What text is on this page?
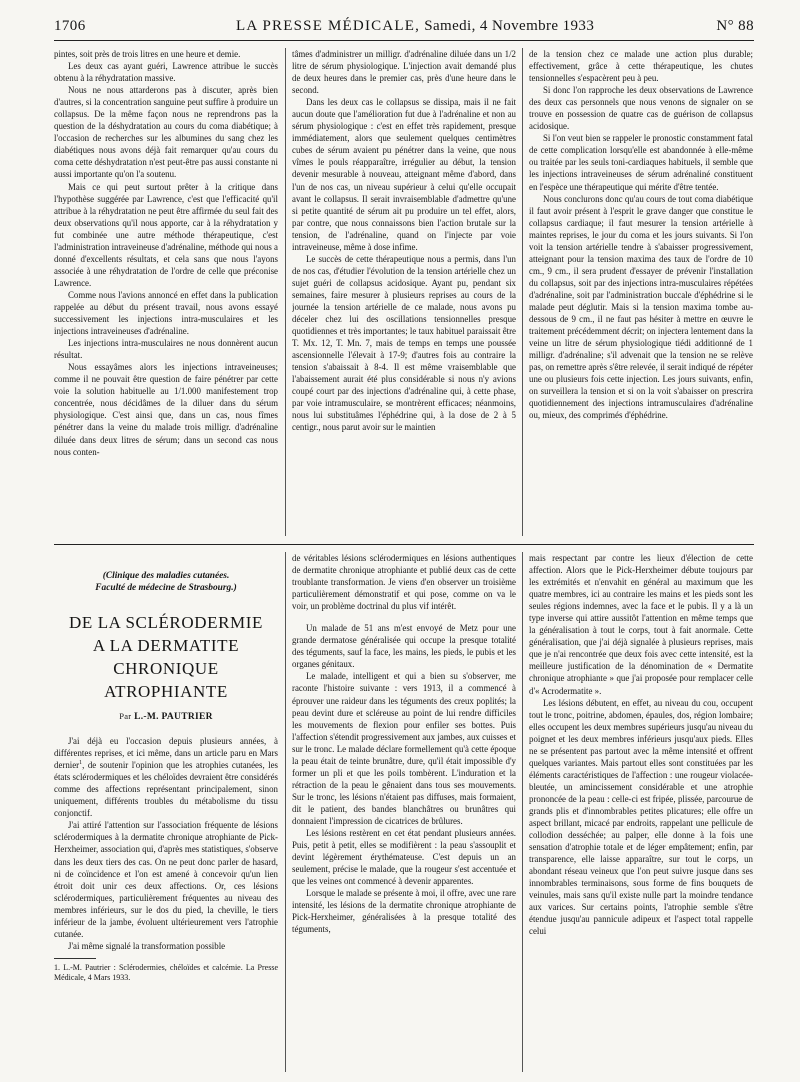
1706	LA PRESSE MÉDICALE, Samedi, 4 Novembre 1933	N° 88

pintes, soit près de trois litres en une heure et demie.

Les deux cas ayant guéri, Lawrence attribue le succès obtenu à la réhydratation massive.

Nous ne nous attarderons pas à discuter, après bien d'autres, si la concentration sanguine peut suffire à produire un collapsus. De la même façon nous ne reprendrons pas la question de la déshydratation au cours du coma diabétique; à l'occasion de recherches sur les albumines du sang chez les diabétiques nous avons déjà fait remarquer qu'au cours du coma cette déshydratation n'est peut-être pas aussi constante ni aussi importante qu'on l'a soutenu.

Mais ce qui peut surtout prêter à la critique dans l'hypothèse suggérée par Lawrence, c'est que l'efficacité qu'il attribue à la réhydratation ne peut être affirmée du seul fait des deux observations qu'il nous apporte, car à la réhydratation y fut combinée une autre méthode thérapeutique, c'est l'administration intraveineuse d'adrénaline, méthode qui nous a donné d'excellents résultats, et cela sans que nous l'ayons associée à une réhydratation de l'ordre de celle que préconise Lawrence.

Comme nous l'avions annoncé en effet dans la publication rappelée au début du présent travail, nous avons essayé successivement les injections intra-musculaires et les injections intraveineuses d'adrénaline.

Les injections intra-musculaires ne nous donnèrent aucun résultat.

Nous essayâmes alors les injections intraveineuses; comme il ne pouvait être question de faire pénétrer par cette voie la solution habituelle au 1/1.000 manifestement trop concentrée, nous décidâmes de la diluer dans du sérum physiologique. C'est ainsi que, dans un cas, nous fîmes pénétrer dans la veine du malade trois milligr. d'adrénaline diluée dans deux litres de sérum; dans un second cas nous nous conten-

tâmes d'administrer un milligr. d'adrénaline diluée dans un 1/2 litre de sérum physiologique. L'injection avait demandé plus de deux heures dans le premier cas, près d'une heure dans le second.

Dans les deux cas le collapsus se dissipa, mais il ne fait aucun doute que l'amélioration fut due à l'adrénaline et non au sérum physiologique : c'est en effet très rapidement, presque immédiatement, alors que seulement quelques centimètres cubes de sérum avaient pu pénétrer dans la veine, que nous vîmes le pouls réapparaître, irrégulier au début, la tension devenir mesurable à nouveau, atteignant même d'abord, dans l'un de nos cas, un niveau supérieur à celui qu'elle occupait avant le collapsus. Il serait invraisemblable d'admettre qu'une si petite quantité de sérum ait pu produire un tel effet, alors, par contre, que nous connaissons bien l'action brutale sur la tension, de l'adrénaline, quand on l'injecte par voie intraveineuse, même à dose infime.

Le succès de cette thérapeutique nous a permis, dans l'un de nos cas, d'étudier l'évolution de la tension artérielle chez un sujet guéri de collapsus acidosique. Ayant pu, pendant six semaines, faire mesurer à plusieurs reprises au cours de la journée la tension artérielle de ce malade, nous avons pu déceler chez lui des oscillations tensionnelles presque quotidiennes et très importantes; le taux habituel paraissait être T. Mx. 12, T. Mn. 7, mais de temps en temps une poussée ascensionnelle l'élevait à 17-9; d'autres fois au contraire la tension s'abaissait à 8-4. Il est même vraisemblable que l'abaissement aurait été plus considérable si nous n'y avions coupé court par des injections d'adrénaline qui, à cette phase, par voie intramusculaire, se montrèrent efficaces; néanmoins, nous lui substituâmes l'éphédrine qui, à la dose de 2 à 5 centigr., nous parut avoir sur le maintien

de la tension chez ce malade une action plus durable; effectivement, grâce à cette thérapeutique, les chutes tensionnelles s'espacèrent peu à peu.

Si donc l'on rapproche les deux observations de Lawrence des deux cas personnels que nous venons de signaler on se trouve en possession de quatre cas de guérison de collapsus acidosique.

Si l'on veut bien se rappeler le pronostic constamment fatal de cette complication lorsqu'elle est abandonnée à elle-même ou traitée par les seuls toni-cardiaques habituels, il semble que les injections intraveineuses de sérum adrénaliné constituent en l'espèce une thérapeutique qui mérite d'être tentée.

Nous conclurons donc qu'au cours de tout coma diabétique il faut avoir présent à l'esprit le grave danger que constitue le collapsus cardiaque; il faut mesurer la tension artérielle à maintes reprises, le jour du coma et les jours suivants. Si l'on voit la tension artérielle tendre à s'abaisser progressivement, atteignant pour la tension maxima des taux de l'ordre de 10 cm., 9 cm., il sera prudent d'essayer de prévenir l'installation du collapsus, soit par des injections intra-musculaires répétées d'adrénaline, soit par l'administration buccale d'éphédrine si le malade peut déglutir. Mais si la tension maxima tombe au-dessous de 9 cm., il ne faut pas hésiter à mettre en œuvre le traitement précédemment décrit; on injectera lentement dans la veine un litre de sérum physiologique tiédi additionné de 1 milligr. d'adrénaline; s'il advenait que la tension ne se relève pas, on remettre après s'être relevée, il serait indiqué de répéter une ou plusieurs fois cette injection. Les jours suivants, enfin, on surveillera la tension et si on la voit s'abaisser on prescrira quotidiennement des injections intramusculaires d'adrénaline ou, mieux, des comprimés d'éphédrine.

(Clinique des maladies cutanées.
Faculté de médecine de Strasbourg.)
DE LA SCLÉRODERMIE
A LA DERMATITE CHRONIQUE
ATROPHIANTE
Par L.-M. PAUTRIER

J'ai déjà eu l'occasion depuis plusieurs années, à différentes reprises, et ici même, dans un article paru en Mars dernier$^1$, de soutenir l'opinion que les atrophies cutanées, les états sclérodermiques et les chéloïdes devraient être considérés comme des affections représentant principalement, sinon uniquement, différents troubles du métabolisme du tissu conjonctif.

J'ai attiré l'attention sur l'association fréquente de lésions sclérodermiques à la dermatite chronique atrophiante de Pick-Herxheimer, association qui, d'après mes statistiques, s'observe dans les deux tiers des cas. On ne peut donc parler de hasard, ni de coïncidence et l'on est amené à concevoir qu'un lien étroit doit unir ces deux affections. Or, ces lésions sclérodermiques, particulièrement fréquentes au niveau des membres inférieurs, sur le dos du pied, la cheville, le tiers inférieur de la jambe, évoluent ultérieurement vers l'atrophie cutanée.

J'ai même signalé la transformation possible

1. L.-M. Pautrier : Sclérodermies, chéloïdes et calcémie. La Presse Médicale, 4 Mars 1933.

de véritables lésions sclérodermiques en lésions authentiques de dermatite chronique atrophiante et publié deux cas de cette troublante transformation. Je viens d'en observer un troisième particulièrement démonstratif et qui pose, comme on va le voir, un problème doctrinal du plus vif intérêt.

Un malade de 51 ans m'est envoyé de Metz pour une grande dermatose généralisée qui occupe la presque totalité des téguments, sauf la face, les mains, les pieds, le pubis et les organes génitaux.

Le malade, intelligent et qui a bien su s'observer, me raconte l'histoire suivante : vers 1913, il a commencé à éprouver une raideur dans les téguments des creux poplités; la peau devint dure et scléreuse au point de lui rendre difficiles les mouvements de flexion pour enfiler ses bottes. Puis l'affection s'étendit progressivement aux jambes, aux cuisses et sur le tronc. Le malade déclare formellement qu'à cette époque la peau était de teinte brunâtre, dure, qu'il était impossible d'y former un pli et que les poils tombèrent. L'induration et la rétraction de la peau le gênaient dans tous ses mouvements. Sur le tronc, les lésions n'étaient pas diffuses, mais formaient, dit le patient, des bandes blanchâtres ou brunâtres qui donnaient l'impression de cicatrices de brûlures.

Les lésions restèrent en cet état pendant plusieurs années. Puis, petit à petit, elles se modifièrent : la peau s'assouplit et devint légèrement érythémateuse. C'est depuis un an seulement, précise le malade, que la rougeur s'est accentuée et que les veines ont commencé à devenir apparentes.

Lorsque le malade se présente à moi, il offre, avec une rare intensité, les lésions de la dermatite chronique atrophiante de Pick-Herxheimer, généralisées à la presque totalité des téguments,

mais respectant par contre les lieux d'élection de cette affection. Alors que le Pick-Herxheimer débute toujours par les extrémités et n'envahit en général au maximum que les quatre membres, ici au contraire les mains et les pieds sont les seules régions indemnes, avec la face et le pubis. Il y a là un type inverse qui attire aussitôt l'attention en même temps que la généralisation à tout le corps, tout à fait anormale. Cette généralisation, que j'ai déjà signalée à plusieurs reprises, mais que je n'ai rencontrée que deux fois avec cette intensité, est la meilleure justification de la dénomination de « Dermatite chronique atrophiante » que j'ai proposée pour remplacer celle d'« Acrodermatite ».

Les lésions débutent, en effet, au niveau du cou, occupent tout le tronc, poitrine, abdomen, épaules, dos, région lombaire; elles occupent les deux membres supérieurs jusqu'au niveau du poignet et les deux membres inférieurs jusqu'aux pieds. Elles ne se présentent pas partout avec la même intensité et offrent quelques variantes. Mais partout elles sont constituées par les éléments caractéristiques de l'affection : une rougeur violacée-bleutée, un amincissement considérable et une atrophie prononcée de la peau : celle-ci est fripée, plissée, parcourue de grands plis et d'innombrables petites plicatures; elle offre un aspect brillant, micacé par endroits, rappelant une pellicule de collodion desséchée; au palper, elle donne à la fois une sensation d'atrophie totale et de léger empâtement; enfin, par transparence, elle laisse apparaître, sur tout le corps, un abondant réseau veineux que l'on peut suivre jusque dans ses innombrables terminaisons, sous forme de fins bouquets de veinules, mais sans qu'il existe nulle part la moindre tendance aux varices. Sur certains points, l'atrophie semble s'être étendue jusqu'au pannicule adipeux et l'aspect total rappelle celui
